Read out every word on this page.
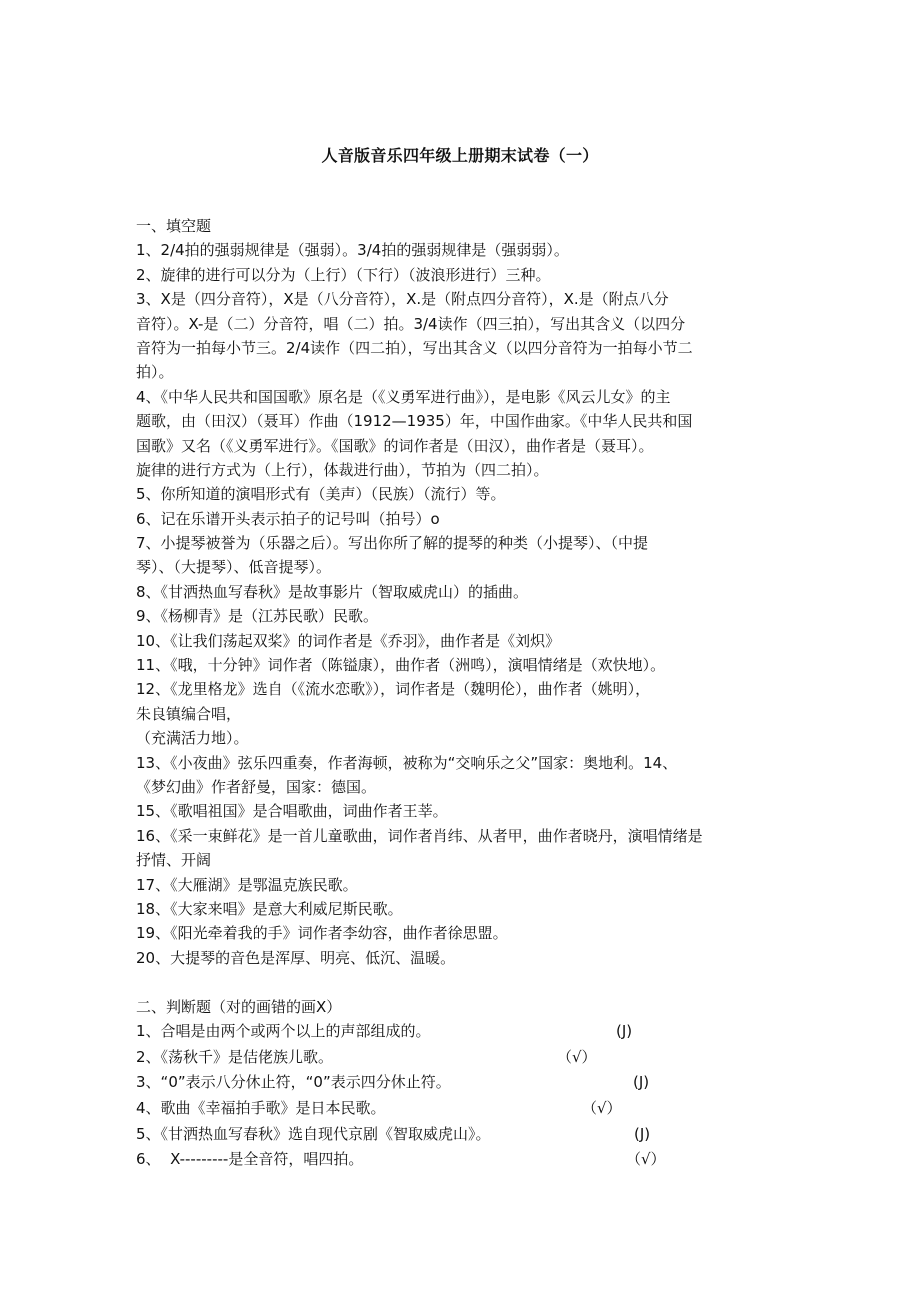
人音版音乐四年级上册期末试卷（一）
一、填空题
1、2/4拍的强弱规律是（强弱）。3/4拍的强弱规律是（强弱弱）。
2、旋律的进行可以分为（上行）（下行）（波浪形进行）三种。
3、X是（四分音符），X是（八分音符），X.是（附点四分音符），X.是（附点八分
音符）。X-是（二）分音符，唱（二）拍。3/4读作（四三拍），写出其含义（以四分
音符为一拍每小节三。2/4读作（四二拍），写出其含义（以四分音符为一拍每小节二
拍）。
4、《中华人民共和国国歌》原名是（《义勇军进行曲》），是电影《风云儿女》的主
题歌，由（田汉）（聂耳）作曲（1912—1935）年，中国作曲家。《中华人民共和国
国歌》又名（《义勇军进行》。《国歌》的词作者是（田汉），曲作者是（聂耳）。
旋律的进行方式为（上行），体裁进行曲），节拍为（四二拍）。
5、你所知道的演唱形式有（美声）（民族）（流行）等。
6、记在乐谱开头表示拍子的记号叫（拍号）o
7、小提琴被誉为（乐器之后）。写出你所了解的提琴的种类（小提琴）、（中提
琴）、（大提琴）、低音提琴）。
8、《甘洒热血写春秋》是故事影片（智取威虎山）的插曲。
9、《杨柳青》是（江苏民歌）民歌。
10、《让我们荡起双桨》的词作者是《乔羽》，曲作者是《刘炽》
11、《哦，十分钟》词作者（陈镒康），曲作者（洲鸣），演唱情绪是（欢快地）。
12、《龙里格龙》选自（《流水恋歌》），词作者是（魏明伦），曲作者（姚明），
朱良镇编合唱，
（充满活力地）。
13、《小夜曲》弦乐四重奏，作者海顿，被称为“交响乐之父”国家：奥地利。14、
《梦幻曲》作者舒曼，国家：德国。
15、《歌唱祖国》是合唱歌曲，词曲作者王莘。
16、《采一束鲜花》是一首儿童歌曲，词作者肖纬、从者甲，曲作者晓丹，演唱情绪是
抒情、开阔
17、《大雁湖》是鄂温克族民歌。
18、《大家来唱》是意大利威尼斯民歌。
19、《阳光牵着我的手》词作者李幼容，曲作者徐思盟。
20、大提琴的音色是浑厚、明亮、低沉、温暖。
二、判断题（对的画错的画X）
1、合唱是由两个或两个以上的声部组成的。	(J)
2、《荡秋千》是佶佬族儿歌。	（√）
3、“0”表示八分休止符，“0”表示四分休止符。	(J)
4、歌曲《幸福拍手歌》是日本民歌。	（√）
5、《甘洒热血写春秋》选自现代京剧《智取威虎山》。	(J)
6、  X---------是全音符，唱四拍。	（√）
